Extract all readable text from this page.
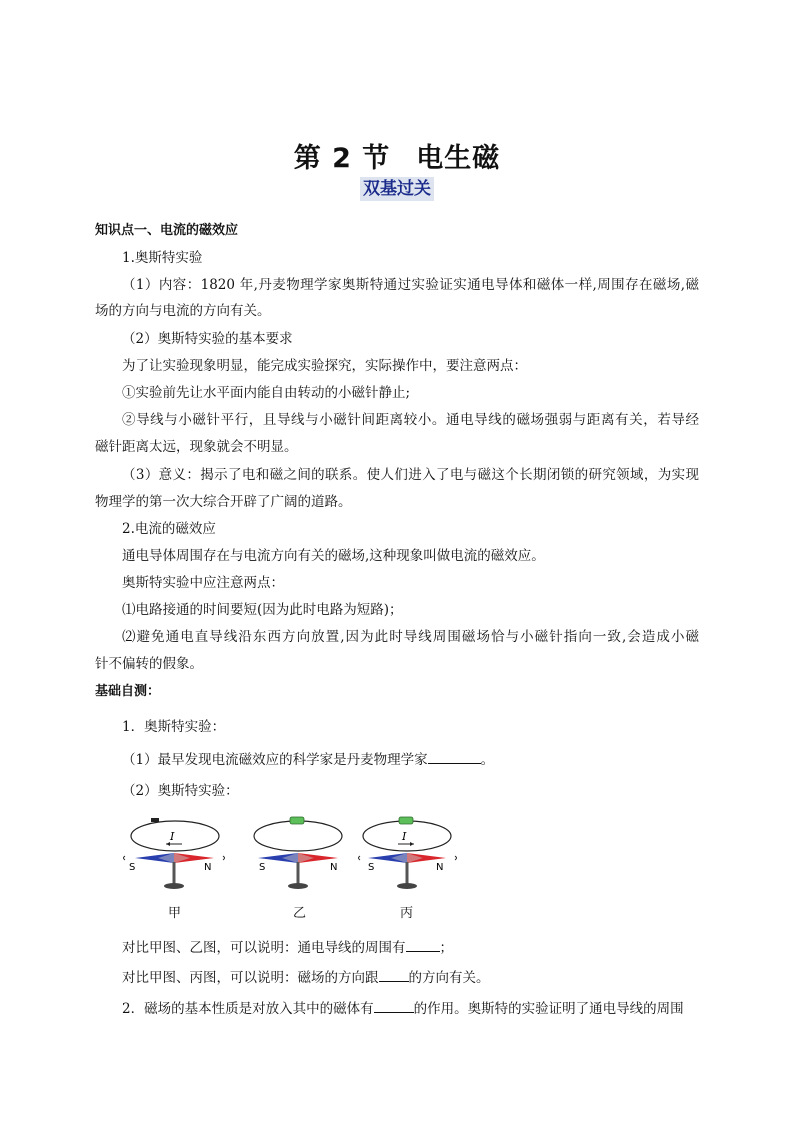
第 2 节 电生磁
双基过关
知识点一、电流的磁效应
1.奥斯特实验
（1）内容：1820 年,丹麦物理学家奥斯特通过实验证实通电导体和磁体一样,周围存在磁场,磁
场的方向与电流的方向有关。
（2）奥斯特实验的基本要求
为了让实验现象明显，能完成实验探究，实际操作中，要注意两点：
①实验前先让水平面内能自由转动的小磁针静止;
②导线与小磁针平行，且导线与小磁针间距离较小。通电导线的磁场强弱与距离有关，若导经
磁针距离太远，现象就会不明显。
（3）意义：揭示了电和磁之间的联系。使人们进入了电与磁这个长期闭锁的研究领域，为实现
物理学的第一次大综合开辟了广阔的道路。
2.电流的磁效应
通电导体周围存在与电流方向有关的磁场,这种现象叫做电流的磁效应。
奥斯特实验中应注意两点：
⑴电路接通的时间要短(因为此时电路为短路)；
⑵避免通电直导线沿东西方向放置,因为此时导线周围磁场恰与小磁针指向一致,会造成小磁
针不偏转的假象。
基础自测：
1．奥斯特实验：
（1）最早发现电流磁效应的科学家是丹麦物理学家	。
（2）奥斯特实验：
I
S	N	S	N
I
S	N
甲	乙	丙
对比甲图、乙图，可以说明：通电导线的周围有	；
对比甲图、丙图，可以说明：磁场的方向跟 的方向有关。
2．磁场的基本性质是对放入其中的磁体有	的作用。奥斯特的实验证明了通电导线的周围
